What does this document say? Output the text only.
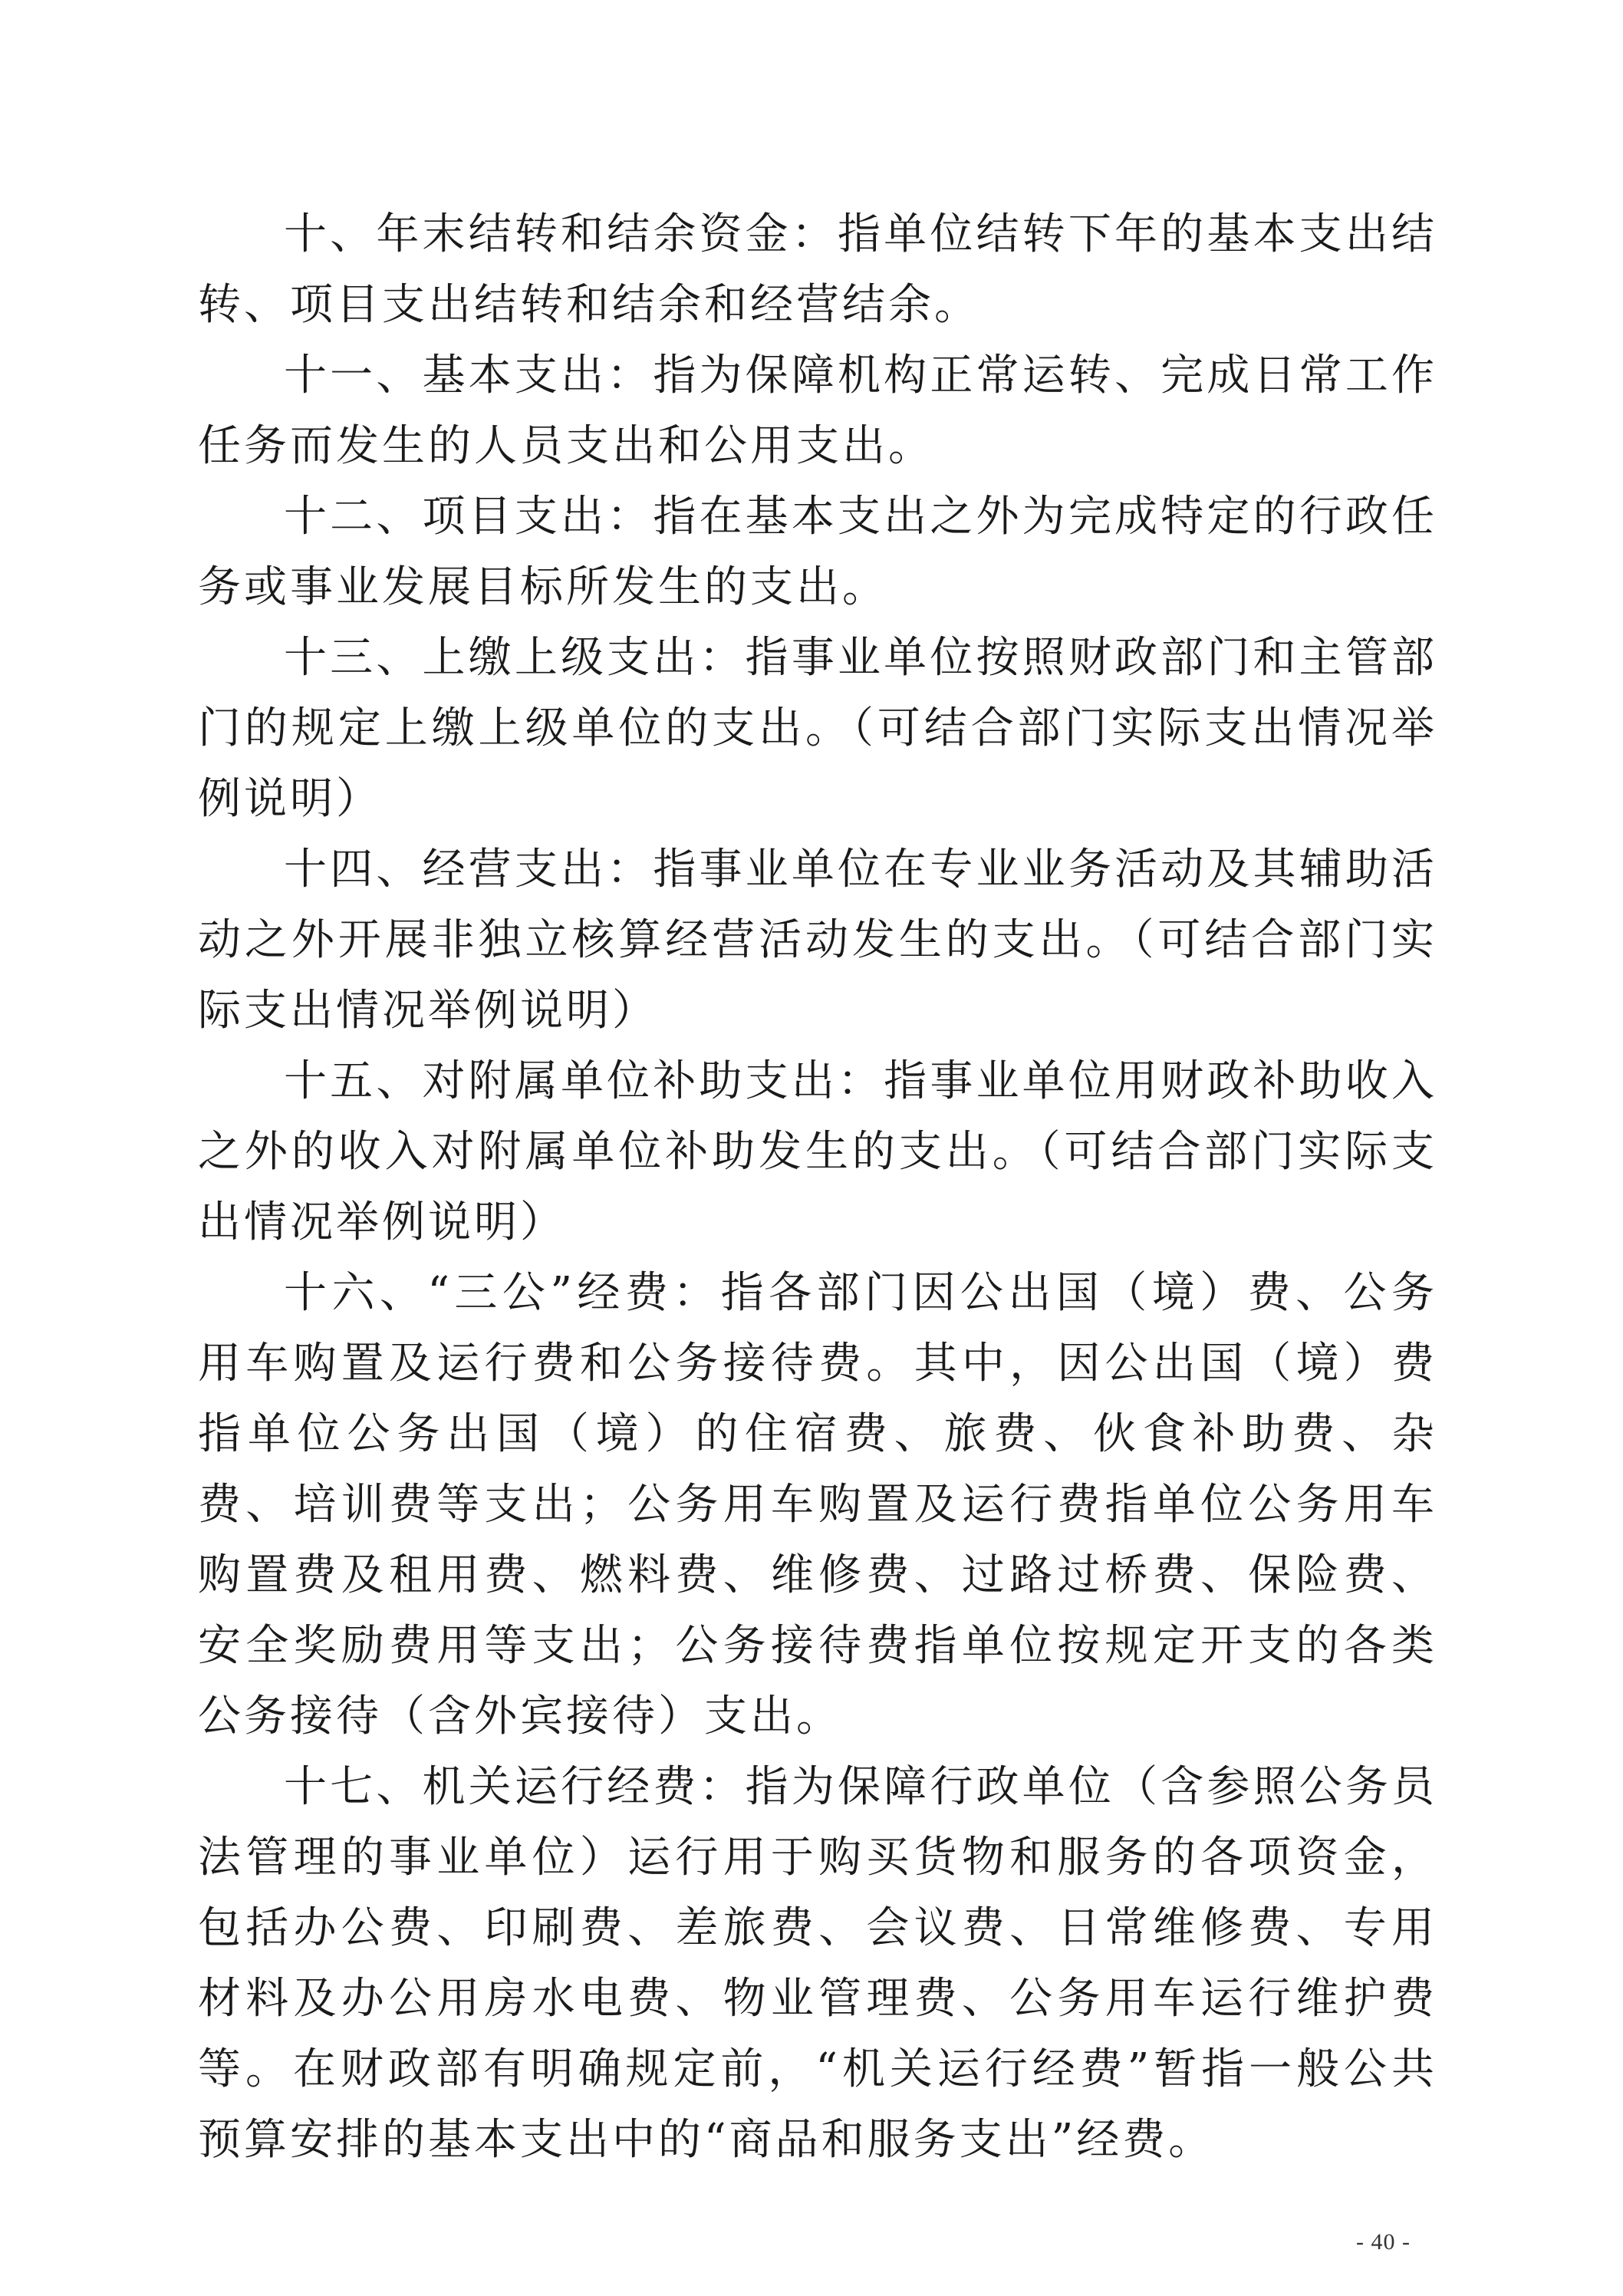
十、年末结转和结余资金：指单位结转下年的基本支出结转、项目支出结转和结余和经营结余。

十一、基本支出：指为保障机构正常运转、完成日常工作任务而发生的人员支出和公用支出。

十二、项目支出：指在基本支出之外为完成特定的行政任务或事业发展目标所发生的支出。

十三、上缴上级支出：指事业单位按照财政部门和主管部门的规定上缴上级单位的支出。（可结合部门实际支出情况举例说明）

十四、经营支出：指事业单位在专业业务活动及其辅助活动之外开展非独立核算经营活动发生的支出。（可结合部门实际支出情况举例说明）

十五、对附属单位补助支出：指事业单位用财政补助收入之外的收入对附属单位补助发生的支出。（可结合部门实际支出情况举例说明）

十六、“三公”经费：指各部门因公出国（境）费、公务用车购置及运行费和公务接待费。其中，因公出国（境）费指单位公务出国（境）的住宿费、旅费、伙食补助费、杂费、培训费等支出；公务用车购置及运行费指单位公务用车购置费及租用费、燃料费、维修费、过路过桥费、保险费、安全奖励费用等支出；公务接待费指单位按规定开支的各类公务接待（含外宾接待）支出。

十七、机关运行经费：指为保障行政单位（含参照公务员法管理的事业单位）运行用于购买货物和服务的各项资金，包括办公费、印刷费、差旅费、会议费、日常维修费、专用材料及办公用房水电费、物业管理费、公务用车运行维护费等。在财政部有明确规定前，“机关运行经费”暂指一般公共预算安排的基本支出中的“商品和服务支出”经费。

- 40 -
